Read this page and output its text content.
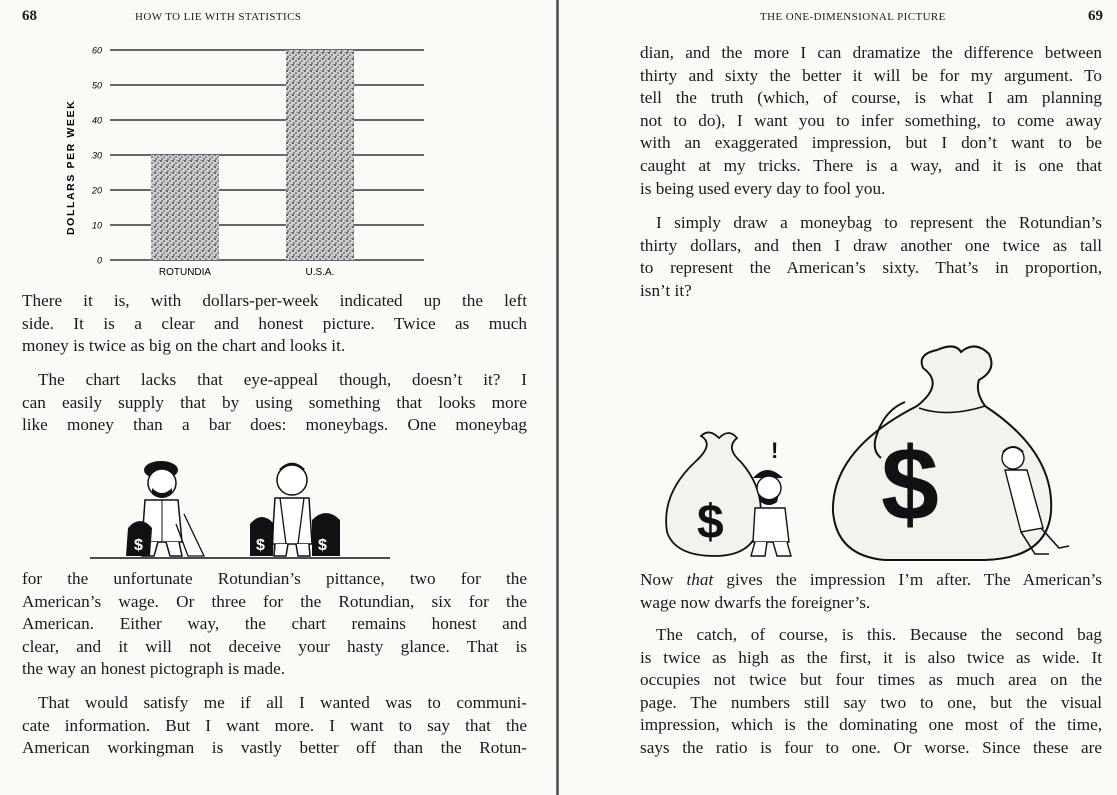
68	HOW TO LIE WITH STATISTICS
0
10
20
30
40
50
60
ROTUNDIA	U.S.A.
DOLLARS PER WEEK
There it is, with dollars-per-week indicated up the left
side. It is a clear and honest picture. Twice as much
money is twice as big on the chart and looks it.
The chart lacks that eye-appeal though, doesn’t it? I
can easily supply that by using something that looks more
like money than a bar does: moneybags. One moneybag
$	$	$
for the unfortunate Rotundian’s pittance, two for the
American’s wage. Or three for the Rotundian, six for the
American. Either way, the chart remains honest and
clear, and it will not deceive your hasty glance. That is
the way an honest pictograph is made.
That would satisfy me if all I wanted was to communi-
cate information. But I want more. I want to say that the
American workingman is vastly better off than the Rotun-
THE ONE-DIMENSIONAL PICTURE	69
dian, and the more I can dramatize the difference between
thirty and sixty the better it will be for my argument. To
tell the truth (which, of course, is what I am planning
not to do), I want you to infer something, to come away
with an exaggerated impression, but I don’t want to be
caught at my tricks. There is a way, and it is one that
is being used every day to fool you.
I simply draw a moneybag to represent the Rotundian’s
thirty dollars, and then I draw another one twice as tall
to represent the American’s sixty. That’s in proportion,
isn’t it?
$
! $

Now that gives the impression I’m after. The American’s
wage now dwarfs the foreigner’s.

The catch, of course, is this. Because the second bag
is twice as high as the first, it is also twice as wide. It
occupies not twice but four times as much area on the
page. The numbers still say two to one, but the visual
impression, which is the dominating one most of the time,
says the ratio is four to one. Or worse. Since these are
